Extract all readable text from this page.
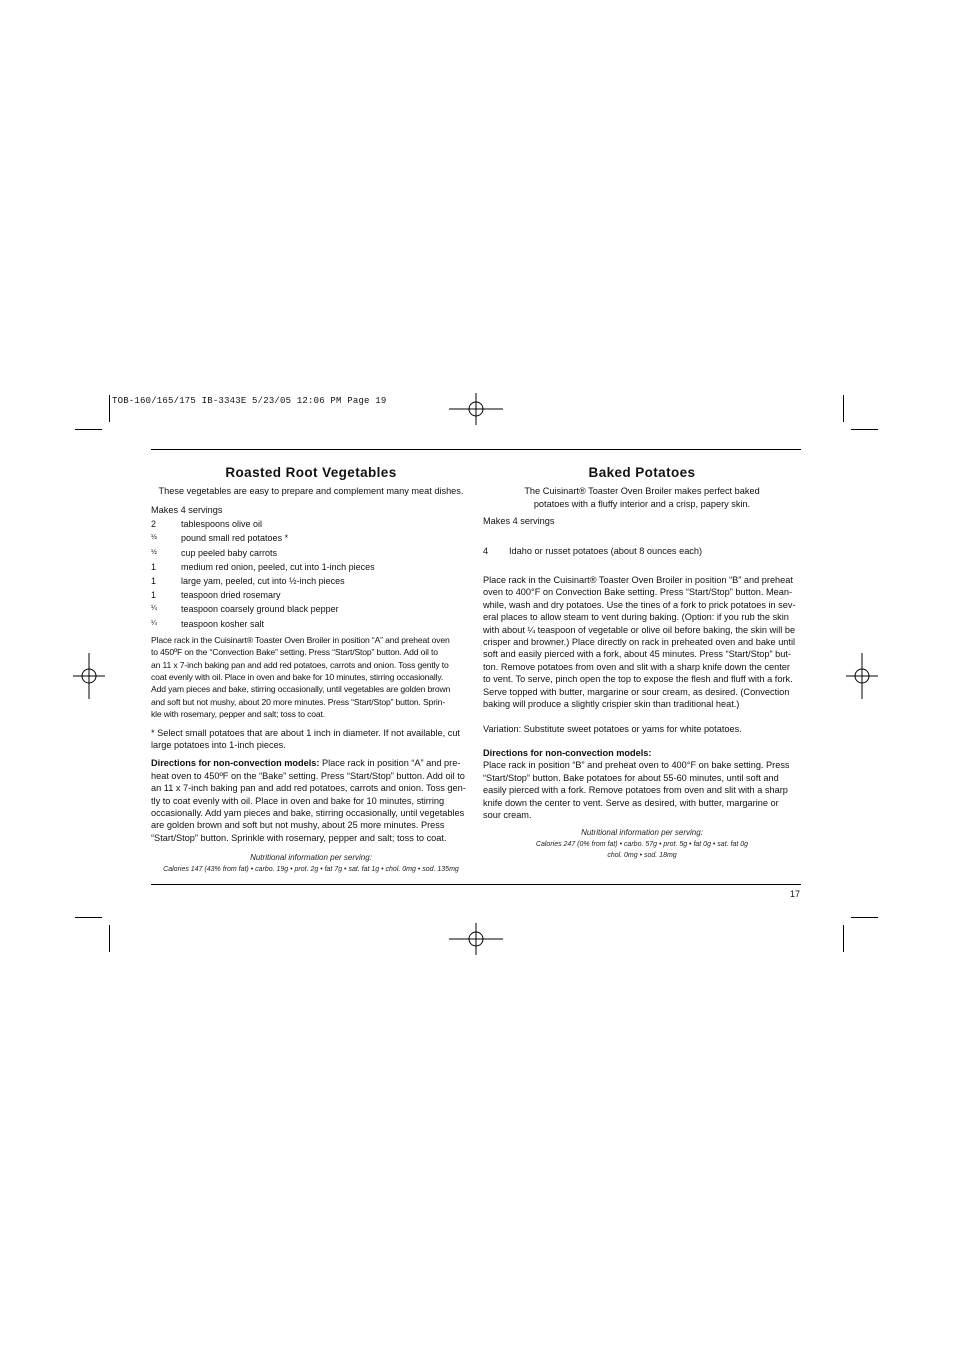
TOB-160/165/175 IB-3343E 5/23/05 12:06 PM Page 19
Roasted Root Vegetables

These vegetables are easy to prepare and complement many meat dishes.

Makes 4 servings

2	tablespoons olive oil
½	pound small red potatoes *
½	cup peeled baby carrots
1	medium red onion, peeled, cut into 1-inch pieces
1	large yam, peeled, cut into ½-inch pieces
1	teaspoon dried rosemary
¼	teaspoon coarsely ground black pepper
¼	teaspoon kosher salt

Place rack in the Cuisinart® Toaster Oven Broiler in position “A” and preheat oven

to 450ºF on the “Convection Bake” setting. Press “Start/Stop” button. Add oil to

an 11 x 7-inch baking pan and add red potatoes, carrots and onion. Toss gently to

coat evenly with oil. Place in oven and bake for 10 minutes, stirring occasionally.

Add yam pieces and bake, stirring occasionally, until vegetables are golden brown

and soft but not mushy, about 20 more minutes. Press “Start/Stop” button. Sprin-

kle with rosemary, pepper and salt; toss to coat.

* Select small potatoes that are about 1 inch in diameter. If not available, cut

large potatoes into 1-inch pieces.

Directions for non-convection models: Place rack in position “A” and pre-

heat oven to 450ºF on the “Bake” setting. Press “Start/Stop” button. Add oil to

an 11 x 7-inch baking pan and add red potatoes, carrots and onion. Toss gen-

tly to coat evenly with oil. Place in oven and bake for 10 minutes, stirring

occasionally. Add yam pieces and bake, stirring occasionally, until vegetables

are golden brown and soft but not mushy, about 25 more minutes. Press

“Start/Stop” button. Sprinkle with rosemary, pepper and salt; toss to coat.

Nutritional information per serving:

Calories 147 (43% from fat) • carbo. 19g • prot. 2g • fat 7g • sat. fat 1g • chol. 0mg • sod. 135mg

Baked Potatoes

The Cuisinart® Toaster Oven Broiler makes perfect baked

potatoes with a fluffy interior and a crisp, papery skin.

Makes 4 servings

4	Idaho or russet potatoes (about 8 ounces each)

Place rack in the Cuisinart® Toaster Oven Broiler in position “B” and preheat

oven to 400°F on Convection Bake setting. Press “Start/Stop” button. Mean-

while, wash and dry potatoes. Use the tines of a fork to prick potatoes in sev-

eral places to allow steam to vent during baking. (Option: if you rub the skin

with about ¼ teaspoon of vegetable or olive oil before baking, the skin will be

crisper and browner.) Place directly on rack in preheated oven and bake until

soft and easily pierced with a fork, about 45 minutes. Press “Start/Stop” but-

ton. Remove potatoes from oven and slit with a sharp knife down the center

to vent. To serve, pinch open the top to expose the flesh and fluff with a fork.

Serve topped with butter, margarine or sour cream, as desired. (Convection

baking will produce a slightly crispier skin than traditional heat.)

Variation: Substitute sweet potatoes or yams for white potatoes.

Directions for non-convection models:

Place rack in position “B” and preheat oven to 400°F on bake setting. Press

“Start/Stop” button. Bake potatoes for about 55-60 minutes, until soft and

easily pierced with a fork. Remove potatoes from oven and slit with a sharp

knife down the center to vent. Serve as desired, with butter, margarine or

sour cream.

Nutritional information per serving:

Calories 247 (0% from fat) • carbo. 57g • prot. 5g • fat 0g • sat. fat 0g

chol. 0mg • sod. 18mg

17
